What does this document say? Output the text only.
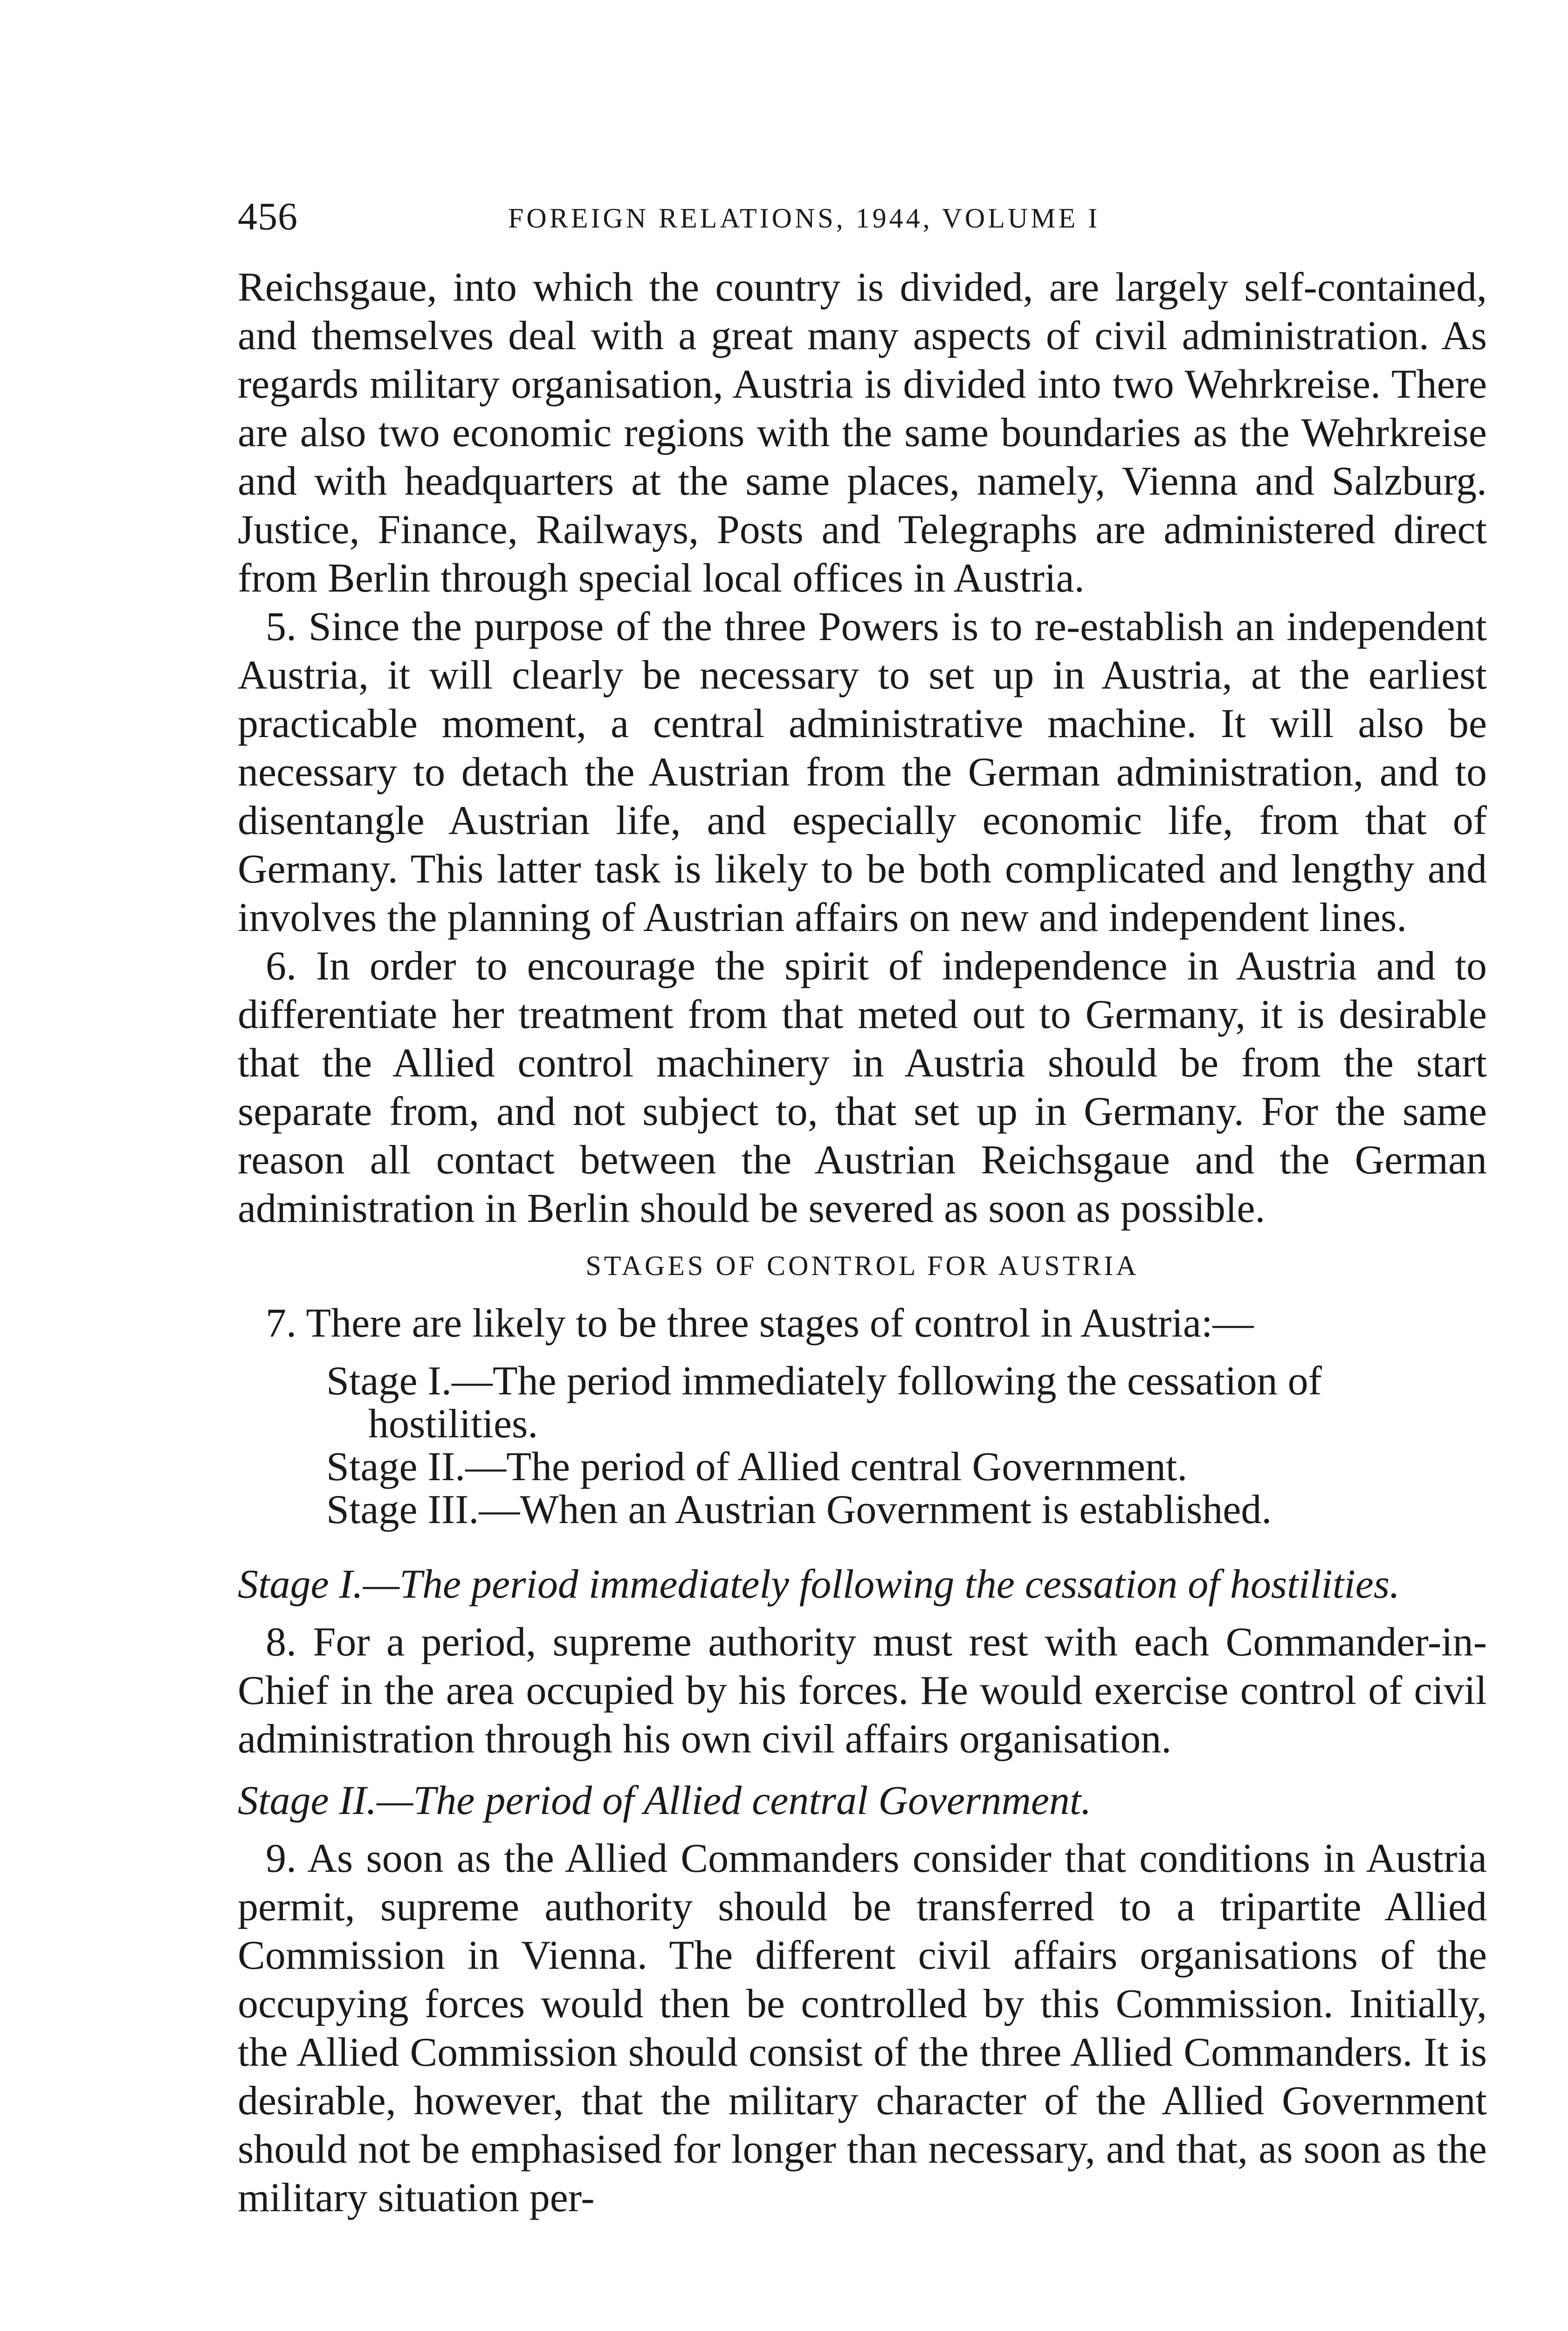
456	FOREIGN RELATIONS, 1944, VOLUME I

Reichsgaue, into which the country is divided, are largely self-contained, and themselves deal with a great many aspects of civil administration. As regards military organisation, Austria is divided into two Wehrkreise. There are also two economic regions with the same boundaries as the Wehrkreise and with headquarters at the same places, namely, Vienna and Salzburg. Justice, Finance, Railways, Posts and Telegraphs are administered direct from Berlin through special local offices in Austria.

5. Since the purpose of the three Powers is to re-establish an independent Austria, it will clearly be necessary to set up in Austria, at the earliest practicable moment, a central administrative machine. It will also be necessary to detach the Austrian from the German administration, and to disentangle Austrian life, and especially economic life, from that of Germany. This latter task is likely to be both complicated and lengthy and involves the planning of Austrian affairs on new and independent lines.

6. In order to encourage the spirit of independence in Austria and to differentiate her treatment from that meted out to Germany, it is desirable that the Allied control machinery in Austria should be from the start separate from, and not subject to, that set up in Germany. For the same reason all contact between the Austrian Reichsgaue and the German administration in Berlin should be severed as soon as possible.

STAGES OF CONTROL FOR AUSTRIA

7. There are likely to be three stages of control in Austria:—

Stage I.—The period immediately following the cessation of
hostilities.
Stage II.—The period of Allied central Government.
Stage III.—When an Austrian Government is established.
Stage I.—The period immediately following the cessation of hostilities.

8. For a period, supreme authority must rest with each Commander-in-Chief in the area occupied by his forces. He would exercise control of civil administration through his own civil affairs organisation.

Stage II.—The period of Allied central Government.

9. As soon as the Allied Commanders consider that conditions in Austria permit, supreme authority should be transferred to a tripartite Allied Commission in Vienna. The different civil affairs organisations of the occupying forces would then be controlled by this Commission. Initially, the Allied Commission should consist of the three Allied Commanders. It is desirable, however, that the military character of the Allied Government should not be emphasised for longer than necessary, and that, as soon as the military situation per-
